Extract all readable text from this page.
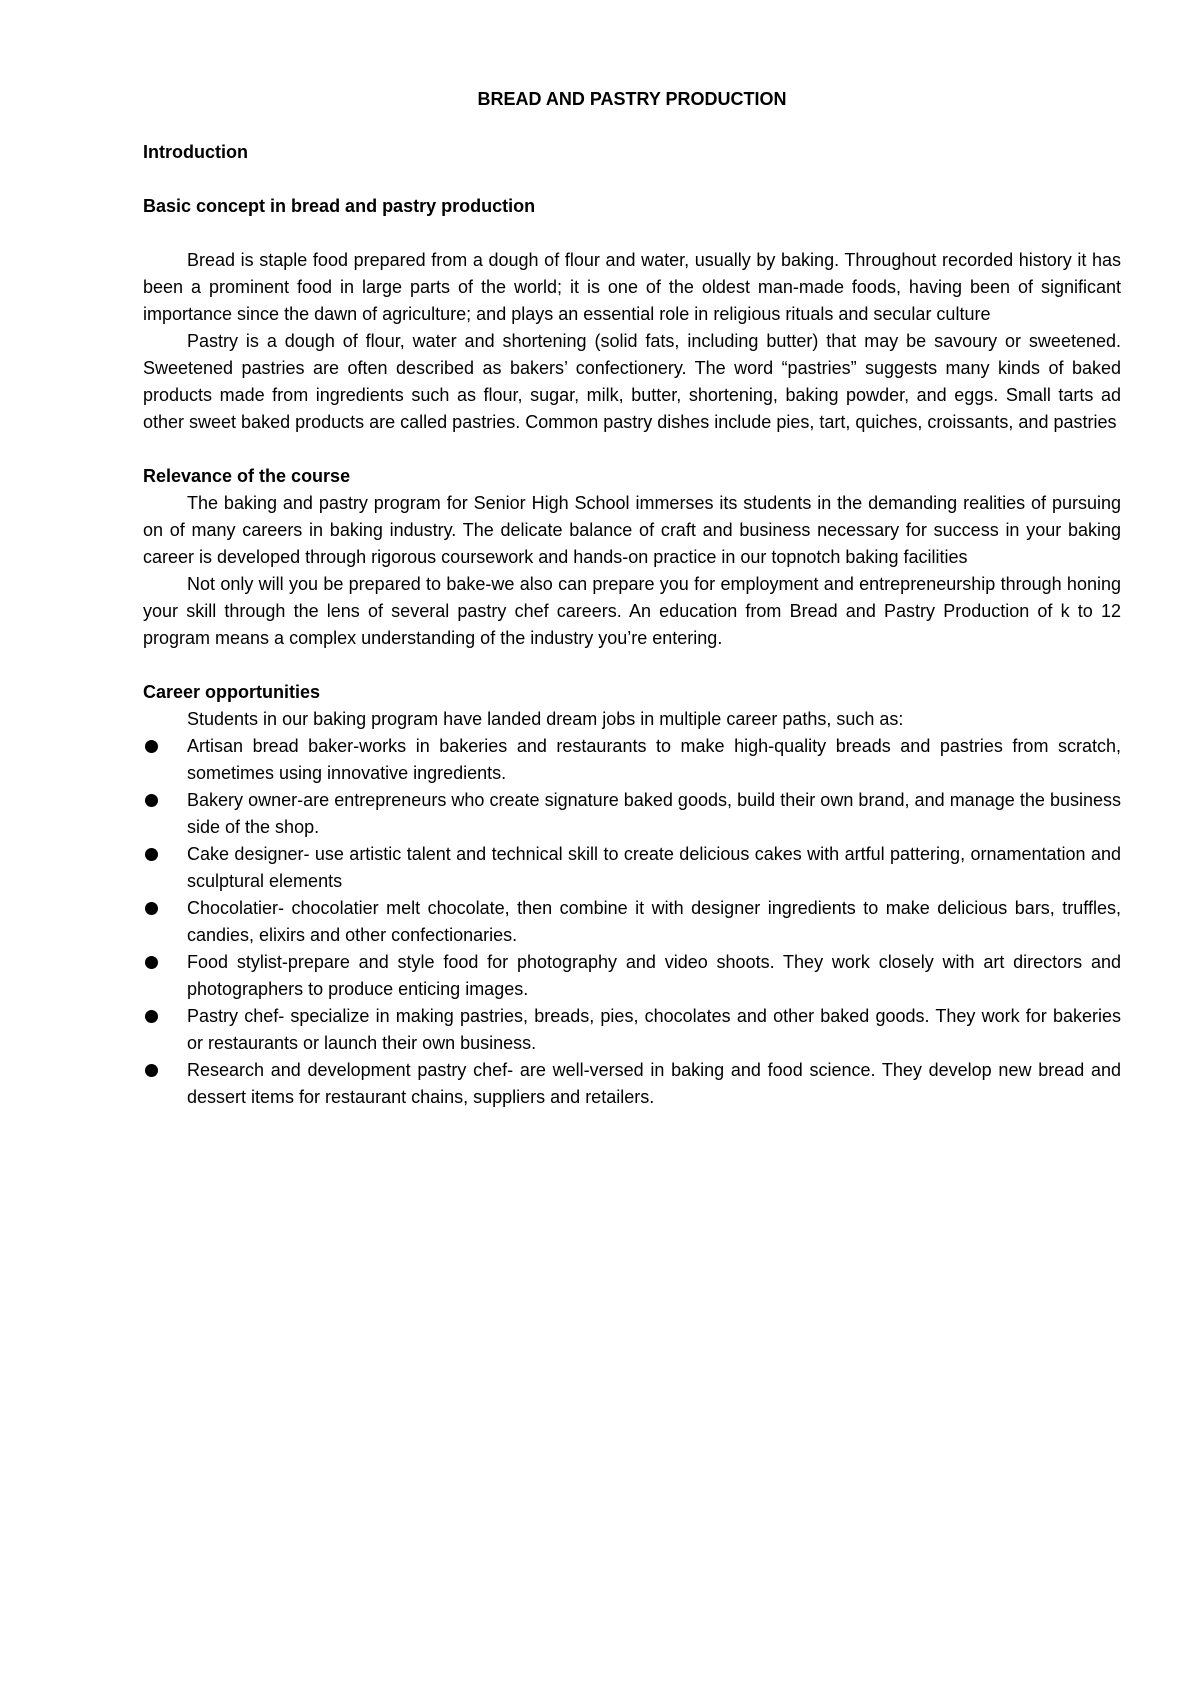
BREAD AND PASTRY PRODUCTION

Introduction

Basic concept in bread and pastry production

Bread is staple food prepared from a dough of flour and water, usually by baking. Throughout recorded history it has been a prominent food in large parts of the world; it is one of the oldest man-made foods, having been of significant importance since the dawn of agriculture; and plays an essential role in religious rituals and secular culture

Pastry is a dough of flour, water and shortening (solid fats, including butter) that may be savoury or sweetened. Sweetened pastries are often described as bakers’ confectionery. The word “pastries” suggests many kinds of baked products made from ingredients such as flour, sugar, milk, butter, shortening, baking powder, and eggs. Small tarts ad other sweet baked products are called pastries. Common pastry dishes include pies, tart, quiches, croissants, and pastries

Relevance of the course

The baking and pastry program for Senior High School immerses its students in the demanding realities of pursuing on of many careers in baking industry. The delicate balance of craft and business necessary for success in your baking career is developed through rigorous coursework and hands-on practice in our topnotch baking facilities

Not only will you be prepared to bake-we also can prepare you for employment and entrepreneurship through honing your skill through the lens of several pastry chef careers. An education from Bread and Pastry Production of k to 12 program means a complex understanding of the industry you’re entering.

Career opportunities

Students in our baking program have landed dream jobs in multiple career paths, such as:

Artisan bread baker-works in bakeries and restaurants to make high-quality breads and pastries from scratch, sometimes using innovative ingredients.
Bakery owner-are entrepreneurs who create signature baked goods, build their own brand, and manage the business side of the shop.
Cake designer- use artistic talent and technical skill to create delicious cakes with artful pattering, ornamentation and sculptural elements
Chocolatier- chocolatier melt chocolate, then combine it with designer ingredients to make delicious bars, truffles, candies, elixirs and other confectionaries.
Food stylist-prepare and style food for photography and video shoots. They work closely with art directors and photographers to produce enticing images.
Pastry chef- specialize in making pastries, breads, pies, chocolates and other baked goods. They work for bakeries or restaurants or launch their own business.
Research and development pastry chef- are well-versed in baking and food science. They develop new bread and dessert items for restaurant chains, suppliers and retailers.
